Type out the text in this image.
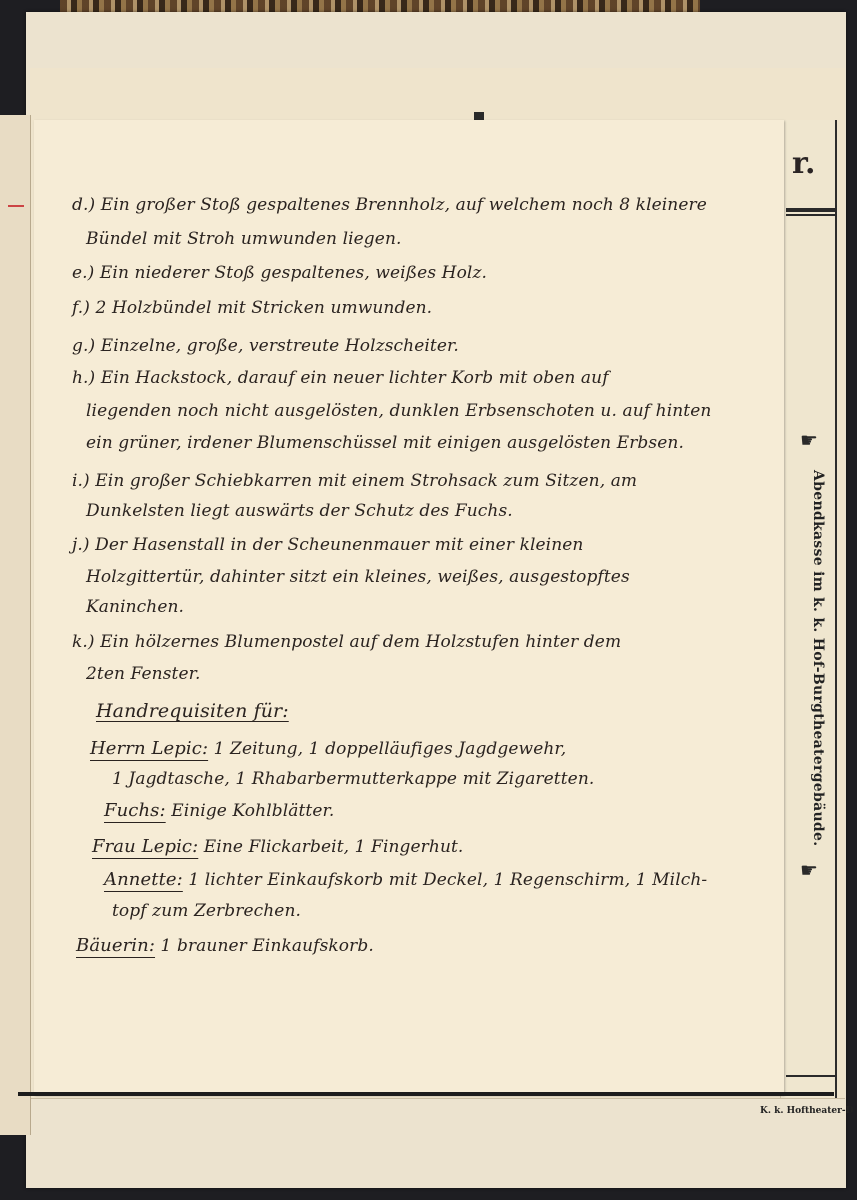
r.
☛
Abendkasse im k. k. Hof-Burgtheatergebäude.
☛
K. k. Hoftheater-D
d.) Ein großer Stoß gespaltenes Brennholz, auf welchem noch 8 kleinere
Bündel mit Stroh umwunden liegen.
e.) Ein niederer Stoß gespaltenes, weißes Holz.
f.) 2 Holzbündel mit Stricken umwunden.
g.) Einzelne, große, verstreute Holzscheiter.
h.) Ein Hackstock, darauf ein neuer lichter Korb mit oben auf
liegenden noch nicht ausgelösten, dunklen Erbsenschoten u. auf hinten
ein grüner, irdener Blumenschüssel mit einigen ausgelösten Erbsen.
i.) Ein großer Schiebkarren mit einem Strohsack zum Sitzen, am
Dunkelsten liegt auswärts der Schutz des Fuchs.
j.) Der Hasenstall in der Scheunenmauer mit einer kleinen
Holzgittertür, dahinter sitzt ein kleines, weißes, ausgestopftes
Kaninchen.
k.) Ein hölzernes Blumenpostel auf dem Holzstufen hinter dem
2ten Fenster.
Handrequisiten für:
Herrn Lepic: 1 Zeitung, 1 doppelläufiges Jagdgewehr,
1 Jagdtasche, 1 Rhabarbermutterkappe mit Zigaretten.
Fuchs: Einige Kohlblätter.
Frau Lepic: Eine Flickarbeit, 1 Fingerhut.
Annette: 1 lichter Einkaufskorb mit Deckel, 1 Regenschirm, 1 Milch-
topf zum Zerbrechen.
Bäuerin: 1 brauner Einkaufskorb.
